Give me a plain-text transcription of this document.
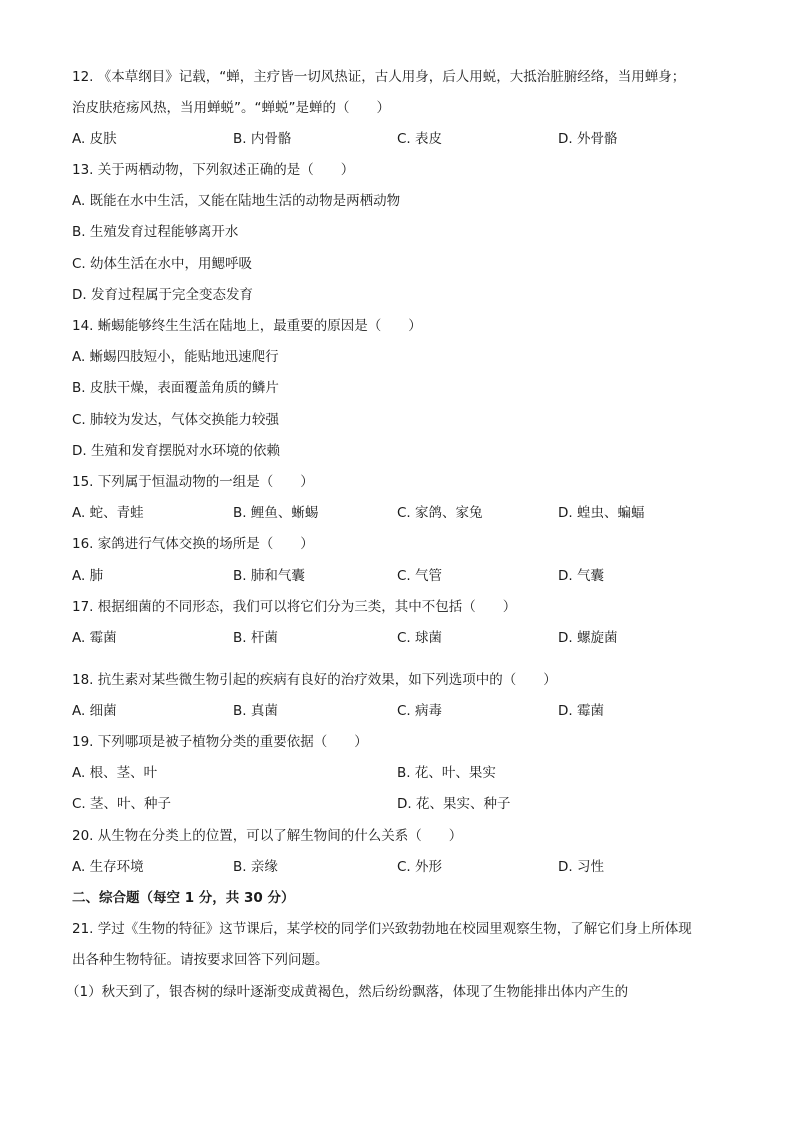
12. 《本草纲目》记载，“蝉，主疗皆一切风热证，古人用身，后人用蜕，大抵治脏腑经络，当用蝉身；
治皮肤疮疡风热，当用蝉蜕”。“蝉蜕”是蝉的（　　）
A. 皮肤	B. 内骨骼	C. 表皮	D. 外骨骼
13. 关于两栖动物，下列叙述正确的是（　　）
A. 既能在水中生活，又能在陆地生活的动物是两栖动物
B. 生殖发育过程能够离开水
C. 幼体生活在水中，用鳃呼吸
D. 发育过程属于完全变态发育
14. 蜥蜴能够终生生活在陆地上，最重要的原因是（　　）
A. 蜥蜴四肢短小，能贴地迅速爬行
B. 皮肤干燥，表面覆盖角质的鳞片
C. 肺较为发达，气体交换能力较强
D. 生殖和发育摆脱对水环境的依赖
15. 下列属于恒温动物的一组是（　　）
A. 蛇、青蛙	B. 鲤鱼、蜥蜴	C. 家鸽、家兔	D. 蝗虫、蝙蝠
16. 家鸽进行气体交换的场所是（　　）
A. 肺	B. 肺和气囊	C. 气管	D. 气囊
17. 根据细菌的不同形态，我们可以将它们分为三类，其中不包括（　　）
A. 霉菌	B. 杆菌	C. 球菌	D. 螺旋菌
18. 抗生素对某些微生物引起的疾病有良好的治疗效果，如下列选项中的（　　）
A. 细菌	B. 真菌	C. 病毒	D. 霉菌
19. 下列哪项是被子植物分类的重要依据（　　）
A. 根、茎、叶	B. 花、叶、果实
C. 茎、叶、种子	D. 花、果实、种子
20. 从生物在分类上的位置，可以了解生物间的什么关系（　　）
A. 生存环境	B. 亲缘	C. 外形	D. 习性
二、综合题（每空 1 分，共 30 分）
21. 学过《生物的特征》这节课后，某学校的同学们兴致勃勃地在校园里观察生物，了解它们身上所体现
出各种生物特征。请按要求回答下列问题。
（1）秋天到了，银杏树的绿叶逐渐变成黄褐色，然后纷纷飘落，体现了生物能排出体内产生的
